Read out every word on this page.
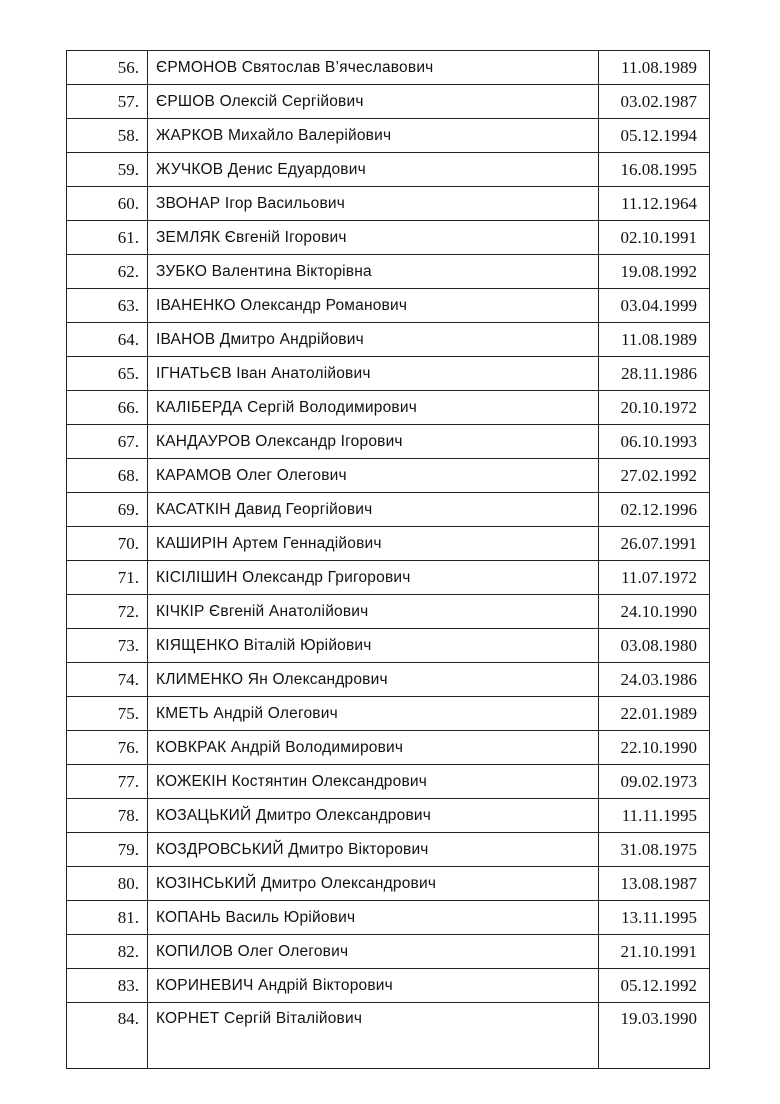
56.	ЄРМОНОВ Святослав В’ячеславович	11.08.1989
57.	ЄРШОВ Олексій Сергійович	03.02.1987
58.	ЖАРКОВ Михайло Валерійович	05.12.1994
59.	ЖУЧКОВ Денис Едуардович	16.08.1995
60.	ЗВОНАР Ігор Васильович	11.12.1964
61.	ЗЕМЛЯК Євгеній Ігорович	02.10.1991
62.	ЗУБКО Валентина Вікторівна	19.08.1992
63.	ІВАНЕНКО Олександр Романович	03.04.1999
64.	ІВАНОВ Дмитро Андрійович	11.08.1989
65.	ІГНАТЬЄВ Іван Анатолійович	28.11.1986
66.	КАЛІБЕРДА Сергій Володимирович	20.10.1972
67.	КАНДАУРОВ Олександр Ігорович	06.10.1993
68.	КАРАМОВ Олег Олегович	27.02.1992
69.	КАСАТКІН Давид Георгійович	02.12.1996
70.	КАШИРІН Артем Геннадійович	26.07.1991
71.	КІСІЛІШИН Олександр Григорович	11.07.1972
72.	КІЧКІР Євгеній Анатолійович	24.10.1990
73.	КІЯЩЕНКО Віталій Юрійович	03.08.1980
74.	КЛИМЕНКО Ян Олександрович	24.03.1986
75.	КМЕТЬ Андрій Олегович	22.01.1989
76.	КОВКРАК Андрій Володимирович	22.10.1990
77.	КОЖЕКІН Костянтин Олександрович	09.02.1973
78.	КОЗАЦЬКИЙ Дмитро Олександрович	11.11.1995
79.	КОЗДРОВСЬКИЙ Дмитро Вікторович	31.08.1975
80.	КОЗІНСЬКИЙ Дмитро Олександрович	13.08.1987
81.	КОПАНЬ Василь Юрійович	13.11.1995
82.	КОПИЛОВ Олег Олегович	21.10.1991
83.	КОРИНЕВИЧ Андрій Вікторович	05.12.1992
84.	КОРНЕТ Сергій Віталійович	19.03.1990
